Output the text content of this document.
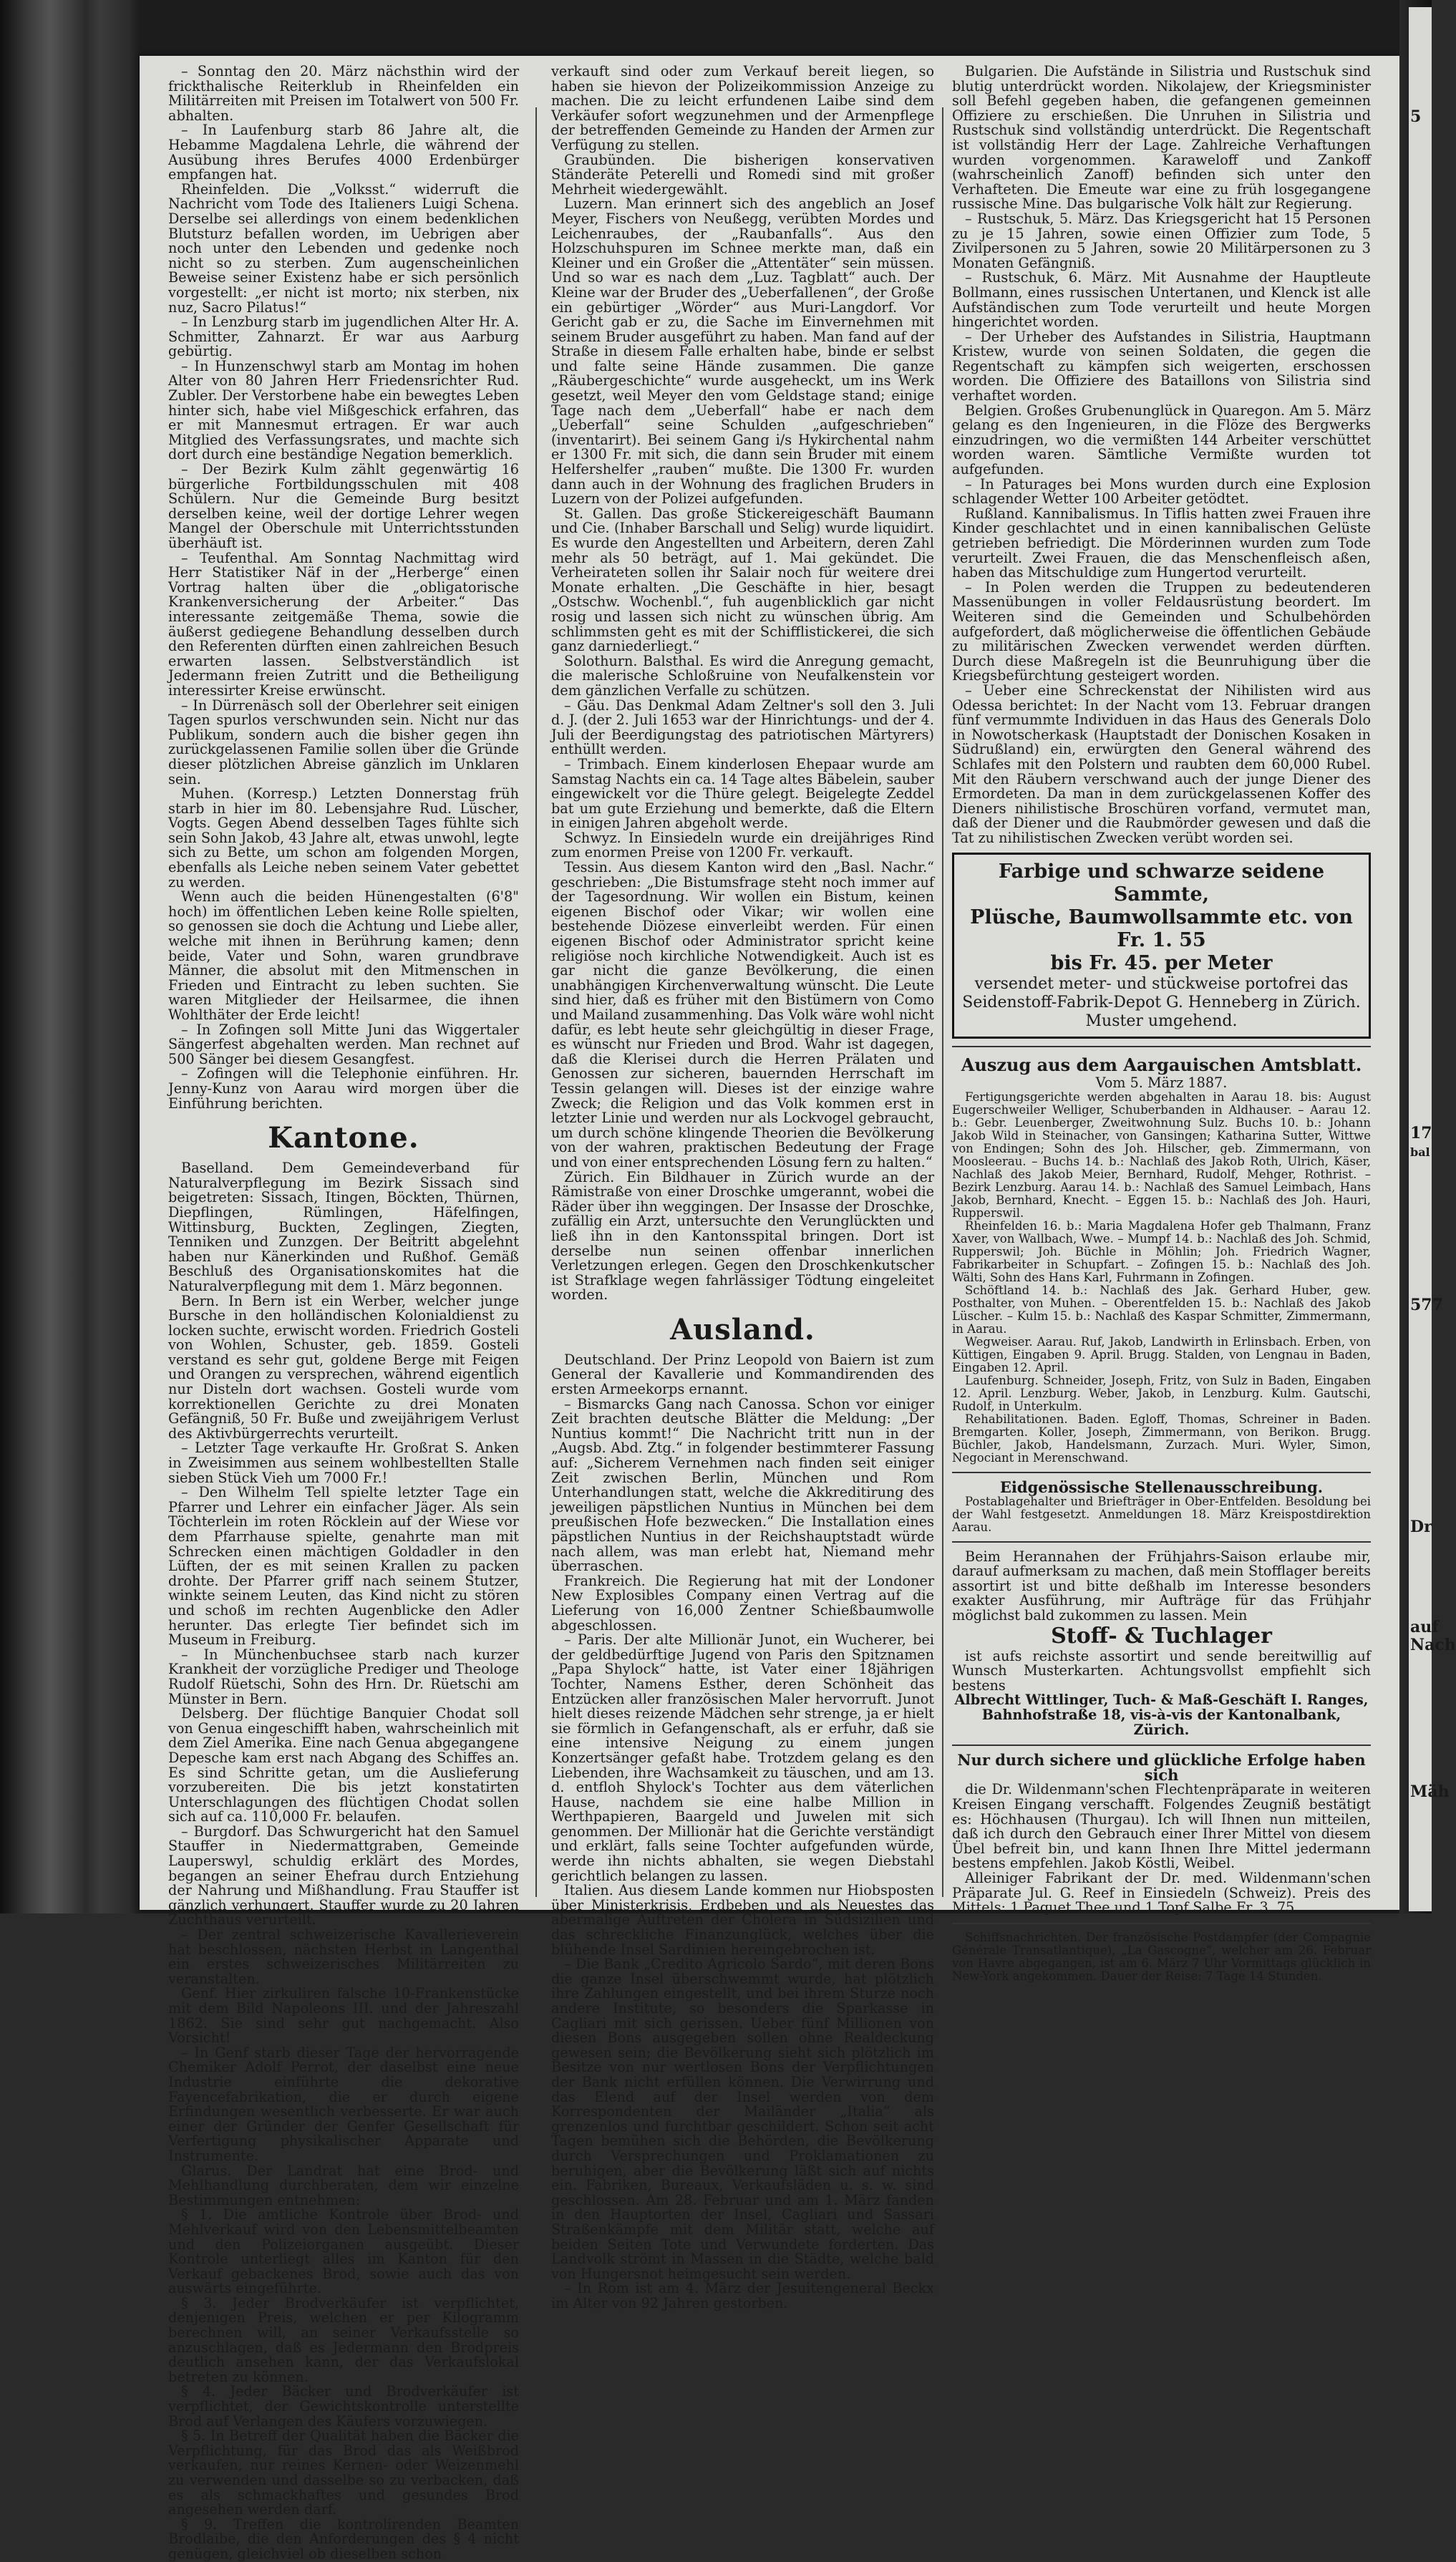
5
17
bal
577
Dr
auf
Nach
Mäh

– Sonntag den 20. März nächsthin wird der frickthalische Reiterklub in Rheinfelden ein Militärreiten mit Preisen im Totalwert von 500 Fr. abhalten.

– In Laufenburg starb 86 Jahre alt, die Hebamme Magdalena Lehrle, die während der Ausübung ihres Berufes 4000 Erdenbürger empfangen hat.

Rheinfelden. Die „Volksst.“ widerruft die Nachricht vom Tode des Italieners Luigi Schena. Derselbe sei allerdings von einem bedenklichen Blutsturz befallen worden, im Uebrigen aber noch unter den Lebenden und gedenke noch nicht so zu sterben. Zum augenscheinlichen Beweise seiner Existenz habe er sich persönlich vorgestellt: „er nicht ist morto; nix sterben, nix nuz, Sacro Pilatus!“

– In Lenzburg starb im jugendlichen Alter Hr. A. Schmitter, Zahnarzt. Er war aus Aarburg gebürtig.

– In Hunzenschwyl starb am Montag im hohen Alter von 80 Jahren Herr Friedensrichter Rud. Zubler. Der Verstorbene habe ein bewegtes Leben hinter sich, habe viel Mißgeschick erfahren, das er mit Mannesmut ertragen. Er war auch Mitglied des Verfassungsrates, und machte sich dort durch eine beständige Negation bemerklich.

– Der Bezirk Kulm zählt gegenwärtig 16 bürgerliche Fortbildungsschulen mit 408 Schülern. Nur die Gemeinde Burg besitzt derselben keine, weil der dortige Lehrer wegen Mangel der Oberschule mit Unterrichtsstunden überhäuft ist.

– Teufenthal. Am Sonntag Nachmittag wird Herr Statistiker Näf in der „Herberge“ einen Vortrag halten über die „obligatorische Krankenversicherung der Arbeiter.“ Das interessante zeitgemäße Thema, sowie die äußerst gediegene Behandlung desselben durch den Referenten dürften einen zahlreichen Besuch erwarten lassen. Selbstverständlich ist Jedermann freien Zutritt und die Betheiligung interessirter Kreise erwünscht.

– In Dürrenäsch soll der Oberlehrer seit einigen Tagen spurlos verschwunden sein. Nicht nur das Publikum, sondern auch die bisher gegen ihn zurückgelassenen Familie sollen über die Gründe dieser plötzlichen Abreise gänzlich im Unklaren sein.

Muhen. (Korresp.) Letzten Donnerstag früh starb in hier im 80. Lebensjahre Rud. Lüscher, Vogts. Gegen Abend desselben Tages fühlte sich sein Sohn Jakob, 43 Jahre alt, etwas unwohl, legte sich zu Bette, um schon am folgenden Morgen, ebenfalls als Leiche neben seinem Vater gebettet zu werden.

Wenn auch die beiden Hünengestalten (6'8" hoch) im öffentlichen Leben keine Rolle spielten, so genossen sie doch die Achtung und Liebe aller, welche mit ihnen in Berührung kamen; denn beide, Vater und Sohn, waren grundbrave Männer, die absolut mit den Mitmenschen in Frieden und Eintracht zu leben suchten. Sie waren Mitglieder der Heilsarmee, die ihnen Wohlthäter der Erde leicht!

– In Zofingen soll Mitte Juni das Wiggertaler Sängerfest abgehalten werden. Man rechnet auf 500 Sänger bei diesem Gesangfest.

– Zofingen will die Telephonie einführen. Hr. Jenny-Kunz von Aarau wird morgen über die Einführung berichten.

Kantone.

Baselland. Dem Gemeindeverband für Naturalverpflegung im Bezirk Sissach sind beigetreten: Sissach, Itingen, Böckten, Thürnen, Diepflingen, Rümlingen, Häfelfingen, Wittinsburg, Buckten, Zeglingen, Ziegten, Tenniken und Zunzgen. Der Beitritt abgelehnt haben nur Känerkinden und Rußhof. Gemäß Beschluß des Organisationskomites hat die Naturalverpflegung mit dem 1. März begonnen.

Bern. In Bern ist ein Werber, welcher junge Bursche in den holländischen Kolonialdienst zu locken suchte, erwischt worden. Friedrich Gosteli von Wohlen, Schuster, geb. 1859. Gosteli verstand es sehr gut, goldene Berge mit Feigen und Orangen zu versprechen, während eigentlich nur Disteln dort wachsen. Gosteli wurde vom korrektionellen Gerichte zu drei Monaten Gefängniß, 50 Fr. Buße und zweijährigem Verlust des Aktivbürgerrechts verurteilt.

– Letzter Tage verkaufte Hr. Großrat S. Anken in Zweisimmen aus seinem wohlbestellten Stalle sieben Stück Vieh um 7000 Fr.!

– Den Wilhelm Tell spielte letzter Tage ein Pfarrer und Lehrer ein einfacher Jäger. Als sein Töchterlein im roten Röcklein auf der Wiese vor dem Pfarrhause spielte, genahrte man mit Schrecken einen mächtigen Goldadler in den Lüften, der es mit seinen Krallen zu packen drohte. Der Pfarrer griff nach seinem Stutzer, winkte seinem Leuten, das Kind nicht zu stören und schoß im rechten Augenblicke den Adler herunter. Das erlegte Tier befindet sich im Museum in Freiburg.

– In Münchenbuchsee starb nach kurzer Krankheit der vorzügliche Prediger und Theologe Rudolf Rüetschi, Sohn des Hrn. Dr. Rüetschi am Münster in Bern.

Delsberg. Der flüchtige Banquier Chodat soll von Genua eingeschifft haben, wahrscheinlich mit dem Ziel Amerika. Eine nach Genua abgegangene Depesche kam erst nach Abgang des Schiffes an. Es sind Schritte getan, um die Auslieferung vorzubereiten. Die bis jetzt konstatirten Unterschlagungen des flüchtigen Chodat sollen sich auf ca. 110,000 Fr. belaufen.

– Burgdorf. Das Schwurgericht hat den Samuel Stauffer in Niedermattgraben, Gemeinde Lauperswyl, schuldig erklärt des Mordes, begangen an seiner Ehefrau durch Entziehung der Nahrung und Mißhandlung. Frau Stauffer ist gänzlich verhungert. Stauffer wurde zu 20 Jahren Zuchthaus verurteilt.

– Der zentral schweizerische Kavallerieverein hat beschlossen, nächsten Herbst in Langenthal ein erstes schweizerisches Militärreiten zu veranstalten.

Genf. Hier zirkuliren falsche 10-Frankenstücke mit dem Bild Napoleons III. und der Jahreszahl 1862. Sie sind sehr gut nachgemacht. Also Vorsicht!

– In Genf starb dieser Tage der hervorragende Chemiker Adolf Perrot, der daselbst eine neue Industrie einführte die dekorative Fayencefabrikation, die er durch eigene Erfindungen wesentlich verbesserte. Er war auch einer der Gründer der Genfer Gesellschaft für Verfertigung physikalischer Apparate und Instrumente.

Glarus. Der Landrat hat eine Brod- und Mehlhandlung durchberaten, dem wir einzelne Bestimmungen entnehmen:

§ 1. Die amtliche Kontrole über Brod- und Mehlverkauf wird von den Lebensmittelbeamten und den Polizeiorganen ausgeübt. Dieser Kontrole unterliegt alles im Kanton für den Verkauf gebackenes Brod, sowie auch das von auswärts eingeführte.

§ 3. Jeder Brodverkäufer ist verpflichtet, denjenigen Preis, welchen er per Kilogramm berechnen will, an seiner Verkaufsstelle so anzuschlagen, daß es Jedermann den Brodpreis deutlich ansehen kann, der das Verkaufslokal betreten zu können.

§ 4. Jeder Bäcker und Brodverkäufer ist verpflichtet, der Gewichtskontrolle unterstellte Brod auf Verlangen des Käufers vorzuwiegen.

§ 5. In Betreff der Qualität haben die Bäcker die Verpflichtung, für das Brod das als Weißbrod verkaufen, nur reines Kernen- oder Weizenmehl zu verwenden und dasselbe so zu verbacken, daß es als schmackhaftes und gesundes Brod angesehen werden darf.

§ 9. Treffen die kontrolirenden Beamten Brodlaibe, die den Anforderungen des § 4 nicht genügen, gleichviel ob dieselben schon

verkauft sind oder zum Verkauf bereit liegen, so haben sie hievon der Polizeikommission Anzeige zu machen. Die zu leicht erfundenen Laibe sind dem Verkäufer sofort wegzunehmen und der Armenpflege der betreffenden Gemeinde zu Handen der Armen zur Verfügung zu stellen.

Graubünden. Die bisherigen konservativen Ständeräte Peterelli und Romedi sind mit großer Mehrheit wiedergewählt.

Luzern. Man erinnert sich des angeblich an Josef Meyer, Fischers von Neußegg, verübten Mordes und Leichenraubes, der „Raubanfalls“. Aus den Holzschuhspuren im Schnee merkte man, daß ein Kleiner und ein Großer die „Attentäter“ sein müssen. Und so war es nach dem „Luz. Tagblatt“ auch. Der Kleine war der Bruder des „Ueberfallenen“, der Große ein gebürtiger „Wörder“ aus Muri-Langdorf. Vor Gericht gab er zu, die Sache im Einvernehmen mit seinem Bruder ausgeführt zu haben. Man fand auf der Straße in diesem Falle erhalten habe, binde er selbst und falte seine Hände zusammen. Die ganze „Räubergeschichte“ wurde ausgeheckt, um ins Werk gesetzt, weil Meyer den vom Geldstage stand; einige Tage nach dem „Ueberfall“ habe er nach dem „Ueberfall“ seine Schulden „aufgeschrieben“ (inventarirt). Bei seinem Gang i/s Hykirchental nahm er 1300 Fr. mit sich, die dann sein Bruder mit einem Helfershelfer „rauben“ mußte. Die 1300 Fr. wurden dann auch in der Wohnung des fraglichen Bruders in Luzern von der Polizei aufgefunden.

St. Gallen. Das große Stickereigeschäft Baumann und Cie. (Inhaber Barschall und Selig) wurde liquidirt. Es wurde den Angestellten und Arbeitern, deren Zahl mehr als 50 beträgt, auf 1. Mai gekündet. Die Verheirateten sollen ihr Salair noch für weitere drei Monate erhalten. „Die Geschäfte in hier, besagt „Ostschw. Wochenbl.“, fuh augenblicklich gar nicht rosig und lassen sich nicht zu wünschen übrig. Am schlimmsten geht es mit der Schifflistickerei, die sich ganz darniederliegt.“

Solothurn. Balsthal. Es wird die Anregung gemacht, die malerische Schloßruine von Neufalkenstein vor dem gänzlichen Verfalle zu schützen.

– Gäu. Das Denkmal Adam Zeltner's soll den 3. Juli d. J. (der 2. Juli 1653 war der Hinrichtungs- und der 4. Juli der Beerdigungstag des patriotischen Märtyrers) enthüllt werden.

– Trimbach. Einem kinderlosen Ehepaar wurde am Samstag Nachts ein ca. 14 Tage altes Bäbelein, sauber eingewickelt vor die Thüre gelegt. Beigelegte Zeddel bat um gute Erziehung und bemerkte, daß die Eltern in einigen Jahren abgeholt werde.

Schwyz. In Einsiedeln wurde ein dreijähriges Rind zum enormen Preise von 1200 Fr. verkauft.

Tessin. Aus diesem Kanton wird den „Basl. Nachr.“ geschrieben: „Die Bistumsfrage steht noch immer auf der Tagesordnung. Wir wollen ein Bistum, keinen eigenen Bischof oder Vikar; wir wollen eine bestehende Diözese einverleibt werden. Für einen eigenen Bischof oder Administrator spricht keine religiöse noch kirchliche Notwendigkeit. Auch ist es gar nicht die ganze Bevölkerung, die einen unabhängigen Kirchenverwaltung wünscht. Die Leute sind hier, daß es früher mit den Bistümern von Como und Mailand zusammenhing. Das Volk wäre wohl nicht dafür, es lebt heute sehr gleichgültig in dieser Frage, es wünscht nur Frieden und Brod. Wahr ist dagegen, daß die Klerisei durch die Herren Prälaten und Genossen zur sicheren, bauernden Herrschaft im Tessin gelangen will. Dieses ist der einzige wahre Zweck; die Religion und das Volk kommen erst in letzter Linie und werden nur als Lockvogel gebraucht, um durch schöne klingende Theorien die Bevölkerung von der wahren, praktischen Bedeutung der Frage und von einer entsprechenden Lösung fern zu halten.“

Zürich. Ein Bildhauer in Zürich wurde an der Rämistraße von einer Droschke umgerannt, wobei die Räder über ihn weggingen. Der Insasse der Droschke, zufällig ein Arzt, untersuchte den Verunglückten und ließ ihn in den Kantonsspital bringen. Dort ist derselbe nun seinen offenbar innerlichen Verletzungen erlegen. Gegen den Droschkenkutscher ist Strafklage wegen fahrlässiger Tödtung eingeleitet worden.

Ausland.

Deutschland. Der Prinz Leopold von Baiern ist zum General der Kavallerie und Kommandirenden des ersten Armeekorps ernannt.

– Bismarcks Gang nach Canossa. Schon vor einiger Zeit brachten deutsche Blätter die Meldung: „Der Nuntius kommt!“ Die Nachricht tritt nun in der „Augsb. Abd. Ztg.“ in folgender bestimmterer Fassung auf: „Sicherem Vernehmen nach finden seit einiger Zeit zwischen Berlin, München und Rom Unterhandlungen statt, welche die Akkreditirung des jeweiligen päpstlichen Nuntius in München bei dem preußischen Hofe bezwecken.“ Die Installation eines päpstlichen Nuntius in der Reichshauptstadt würde nach allem, was man erlebt hat, Niemand mehr überraschen.

Frankreich. Die Regierung hat mit der Londoner New Explosibles Company einen Vertrag auf die Lieferung von 16,000 Zentner Schießbaumwolle abgeschlossen.

– Paris. Der alte Millionär Junot, ein Wucherer, bei der geldbedürftige Jugend von Paris den Spitznamen „Papa Shylock“ hatte, ist Vater einer 18jährigen Tochter, Namens Esther, deren Schönheit das Entzücken aller französischen Maler hervorruft. Junot hielt dieses reizende Mädchen sehr strenge, ja er hielt sie förmlich in Gefangenschaft, als er erfuhr, daß sie eine intensive Neigung zu einem jungen Konzertsänger gefaßt habe. Trotzdem gelang es den Liebenden, ihre Wachsamkeit zu täuschen, und am 13. d. entfloh Shylock's Tochter aus dem väterlichen Hause, nachdem sie eine halbe Million in Werthpapieren, Baargeld und Juwelen mit sich genommen. Der Millionär hat die Gerichte verständigt und erklärt, falls seine Tochter aufgefunden würde, werde ihn nichts abhalten, sie wegen Diebstahl gerichtlich belangen zu lassen.

Italien. Aus diesem Lande kommen nur Hiobsposten über Ministerkrisis, Erdbeben und als Neuestes das abermalige Auftreten der Cholera in Südsizilien und das schreckliche Finanzunglück, welches über die blühende Insel Sardinien hereingebrochen ist.

– Die Bank „Credito Agricolo Sardo“, mit deren Bons die ganze Insel überschwemmt wurde, hat plötzlich ihre Zahlungen eingestellt, und bei ihrem Sturze noch andere Institute, so besonders die Sparkasse in Cagliari mit sich gerissen. Ueber fünf Millionen von diesen Bons ausgegeben sollen ohne Realdeckung gewesen sein; die Bevölkerung sieht sich plötzlich im Besitze von nur wertlosen Bons der Verpflichtungen der Bank nicht erfüllen können. Die Verwirrung und das Elend auf der Insel werden von dem Korrespondenten der Mailänder „Italia“ als grenzenlos und furchtbar geschildert. Schon seit acht Tagen bemühen sich die Behörden, die Bevölkerung durch Versprechungen und Proklamationen zu beruhigen, aber die Bevölkerung läßt sich auf nichts ein. Fabriken, Bureaux, Verkaufsläden u. s. w. sind geschlossen. Am 28. Februar und am 1. März fanden in den Hauptorten der Insel, Cagliari und Sassari Straßenkämpfe mit dem Militär statt, welche auf beiden Seiten Tote und Verwundete forderten. Das Landvolk strömt in Massen in die Städte, welche bald von Hungersnot heimgesucht sein werden.

– In Rom ist am 4. März der Jesuitengeneral Beckx im Alter von 92 Jahren gestorben.

Bulgarien. Die Aufstände in Silistria und Rustschuk sind blutig unterdrückt worden. Nikolajew, der Kriegsminister soll Befehl gegeben haben, die gefangenen gemeinnen Offiziere zu erschießen. Die Unruhen in Silistria und Rustschuk sind vollständig unterdrückt. Die Regentschaft ist vollständig Herr der Lage. Zahlreiche Verhaftungen wurden vorgenommen. Karaweloff und Zankoff (wahrscheinlich Zanoff) befinden sich unter den Verhafteten. Die Emeute war eine zu früh losgegangene russische Mine. Das bulgarische Volk hält zur Regierung.

– Rustschuk, 5. März. Das Kriegsgericht hat 15 Personen zu je 15 Jahren, sowie einen Offizier zum Tode, 5 Zivilpersonen zu 5 Jahren, sowie 20 Militärpersonen zu 3 Monaten Gefängniß.

– Rustschuk, 6. März. Mit Ausnahme der Hauptleute Bollmann, eines russischen Untertanen, und Klenck ist alle Aufständischen zum Tode verurteilt und heute Morgen hingerichtet worden.

– Der Urheber des Aufstandes in Silistria, Hauptmann Kristew, wurde von seinen Soldaten, die gegen die Regentschaft zu kämpfen sich weigerten, erschossen worden. Die Offiziere des Bataillons von Silistria sind verhaftet worden.

Belgien. Großes Grubenunglück in Quaregon. Am 5. März gelang es den Ingenieuren, in die Flöze des Bergwerks einzudringen, wo die vermißten 144 Arbeiter verschüttet worden waren. Sämtliche Vermißte wurden tot aufgefunden.

– In Paturages bei Mons wurden durch eine Explosion schlagender Wetter 100 Arbeiter getödtet.

Rußland. Kannibalismus. In Tiflis hatten zwei Frauen ihre Kinder geschlachtet und in einen kannibalischen Gelüste getrieben befriedigt. Die Mörderinnen wurden zum Tode verurteilt. Zwei Frauen, die das Menschenfleisch aßen, haben das Mitschuldige zum Hungertod verurteilt.

– In Polen werden die Truppen zu bedeutenderen Massenübungen in voller Feldausrüstung beordert. Im Weiteren sind die Gemeinden und Schulbehörden aufgefordert, daß möglicherweise die öffentlichen Gebäude zu militärischen Zwecken verwendet werden dürften. Durch diese Maßregeln ist die Beunruhigung über die Kriegsbefürchtung gesteigert worden.

– Ueber eine Schreckenstat der Nihilisten wird aus Odessa berichtet: In der Nacht vom 13. Februar drangen fünf vermummte Individuen in das Haus des Generals Dolo in Nowotscherkask (Hauptstadt der Donischen Kosaken in Südrußland) ein, erwürgten den General während des Schlafes mit den Polstern und raubten dem 60,000 Rubel. Mit den Räubern verschwand auch der junge Diener des Ermordeten. Da man in dem zurückgelassenen Koffer des Dieners nihilistische Broschüren vorfand, vermutet man, daß der Diener und die Raubmörder gewesen und daß die Tat zu nihilistischen Zwecken verübt worden sei.

Farbige und schwarze seidene Sammte,
Plüsche, Baumwollsammte etc. von Fr. 1. 55
bis Fr. 45. per Meter
versendet meter- und stückweise portofrei das Seidenstoff-Fabrik-Depot G. Henneberg in Zürich.
Muster umgehend.
Auszug aus dem Aargauischen Amtsblatt.
Vom 5. März 1887.

Fertigungsgerichte werden abgehalten in Aarau 18. bis: August Eugerschweiler Welliger, Schuberbanden in Aldhauser. – Aarau 12. b.: Gebr. Leuenberger, Zweitwohnung Sulz. Buchs 10. b.: Johann Jakob Wild in Steinacher, von Gansingen; Katharina Sutter, Wittwe von Endingen; Sohn des Joh. Hilscher, geb. Zimmermann, von Moosleerau. – Buchs 14. b.: Nachlaß des Jakob Roth, Ulrich, Käser, Nachlaß des Jakob Meier, Bernhard, Rudolf, Mehger, Rothrist. – Bezirk Lenzburg. Aarau 14. b.: Nachlaß des Samuel Leimbach, Hans Jakob, Bernhard, Knecht. – Eggen 15. b.: Nachlaß des Joh. Hauri, Rupperswil.

Rheinfelden 16. b.: Maria Magdalena Hofer geb Thalmann, Franz Xaver, von Wallbach, Wwe. – Mumpf 14. b.: Nachlaß des Joh. Schmid, Rupperswil; Joh. Büchle in Möhlin; Joh. Friedrich Wagner, Fabrikarbeiter in Schupfart. – Zofingen 15. b.: Nachlaß des Joh. Wälti, Sohn des Hans Karl, Fuhrmann in Zofingen.

Schöftland 14. b.: Nachlaß des Jak. Gerhard Huber, gew. Posthalter, von Muhen. – Oberentfelden 15. b.: Nachlaß des Jakob Lüscher. – Kulm 15. b.: Nachlaß des Kaspar Schmitter, Zimmermann, in Aarau.

Wegweiser. Aarau. Ruf, Jakob, Landwirth in Erlinsbach. Erben, von Küttigen, Eingaben 9. April. Brugg. Stalden, von Lengnau in Baden, Eingaben 12. April.

Laufenburg. Schneider, Joseph, Fritz, von Sulz in Baden, Eingaben 12. April. Lenzburg. Weber, Jakob, in Lenzburg. Kulm. Gautschi, Rudolf, in Unterkulm.

Rehabilitationen. Baden. Egloff, Thomas, Schreiner in Baden. Bremgarten. Koller, Joseph, Zimmermann, von Berikon. Brugg. Büchler, Jakob, Handelsmann, Zurzach. Muri. Wyler, Simon, Negociant in Merenschwand.

Eidgenössische Stellenausschreibung.

Postablagehalter und Briefträger in Ober-Entfelden. Besoldung bei der Wahl festgesetzt. Anmeldungen 18. März Kreispostdirektion Aarau.

Beim Herannahen der Frühjahrs-Saison erlaube mir, darauf aufmerksam zu machen, daß mein Stofflager bereits assortirt ist und bitte deßhalb im Interesse besonders exakter Ausführung, mir Aufträge für das Frühjahr möglichst bald zukommen zu lassen. Mein

Stoff- & Tuchlager

ist aufs reichste assortirt und sende bereitwillig auf Wunsch Musterkarten. Achtungsvollst empfiehlt sich bestens

Albrecht Wittlinger, Tuch- & Maß-Geschäft I. Ranges, Bahnhofstraße 18, vis-à-vis der Kantonalbank, Zürich.
Nur durch sichere und glückliche Erfolge haben sich

die Dr. Wildenmann'schen Flechtenpräparate in weiteren Kreisen Eingang verschafft. Folgendes Zeugniß bestätigt es: Höchhausen (Thurgau). Ich will Ihnen nun mitteilen, daß ich durch den Gebrauch einer Ihrer Mittel von diesem Übel befreit bin, und kann Ihnen Ihre Mittel jedermann bestens empfehlen. Jakob Köstli, Weibel.

Alleiniger Fabrikant der Dr. med. Wildenmann'schen Präparate Jul. G. Reef in Einsiedeln (Schweiz). Preis des Mittels: 1 Paquet Thee und 1 Topf Salbe Fr. 3. 75.

Schiffsnachrichten. Der französische Postdampfer (der Compagnie Générale Transatlantique), „La Gascogne“, welcher am 26. Februar von Havre abgegangen, ist am 6. März 7 Uhr Vormittags glücklich in New-York angekommen. Dauer der Reise: 7 Tage 14 Stunden.
